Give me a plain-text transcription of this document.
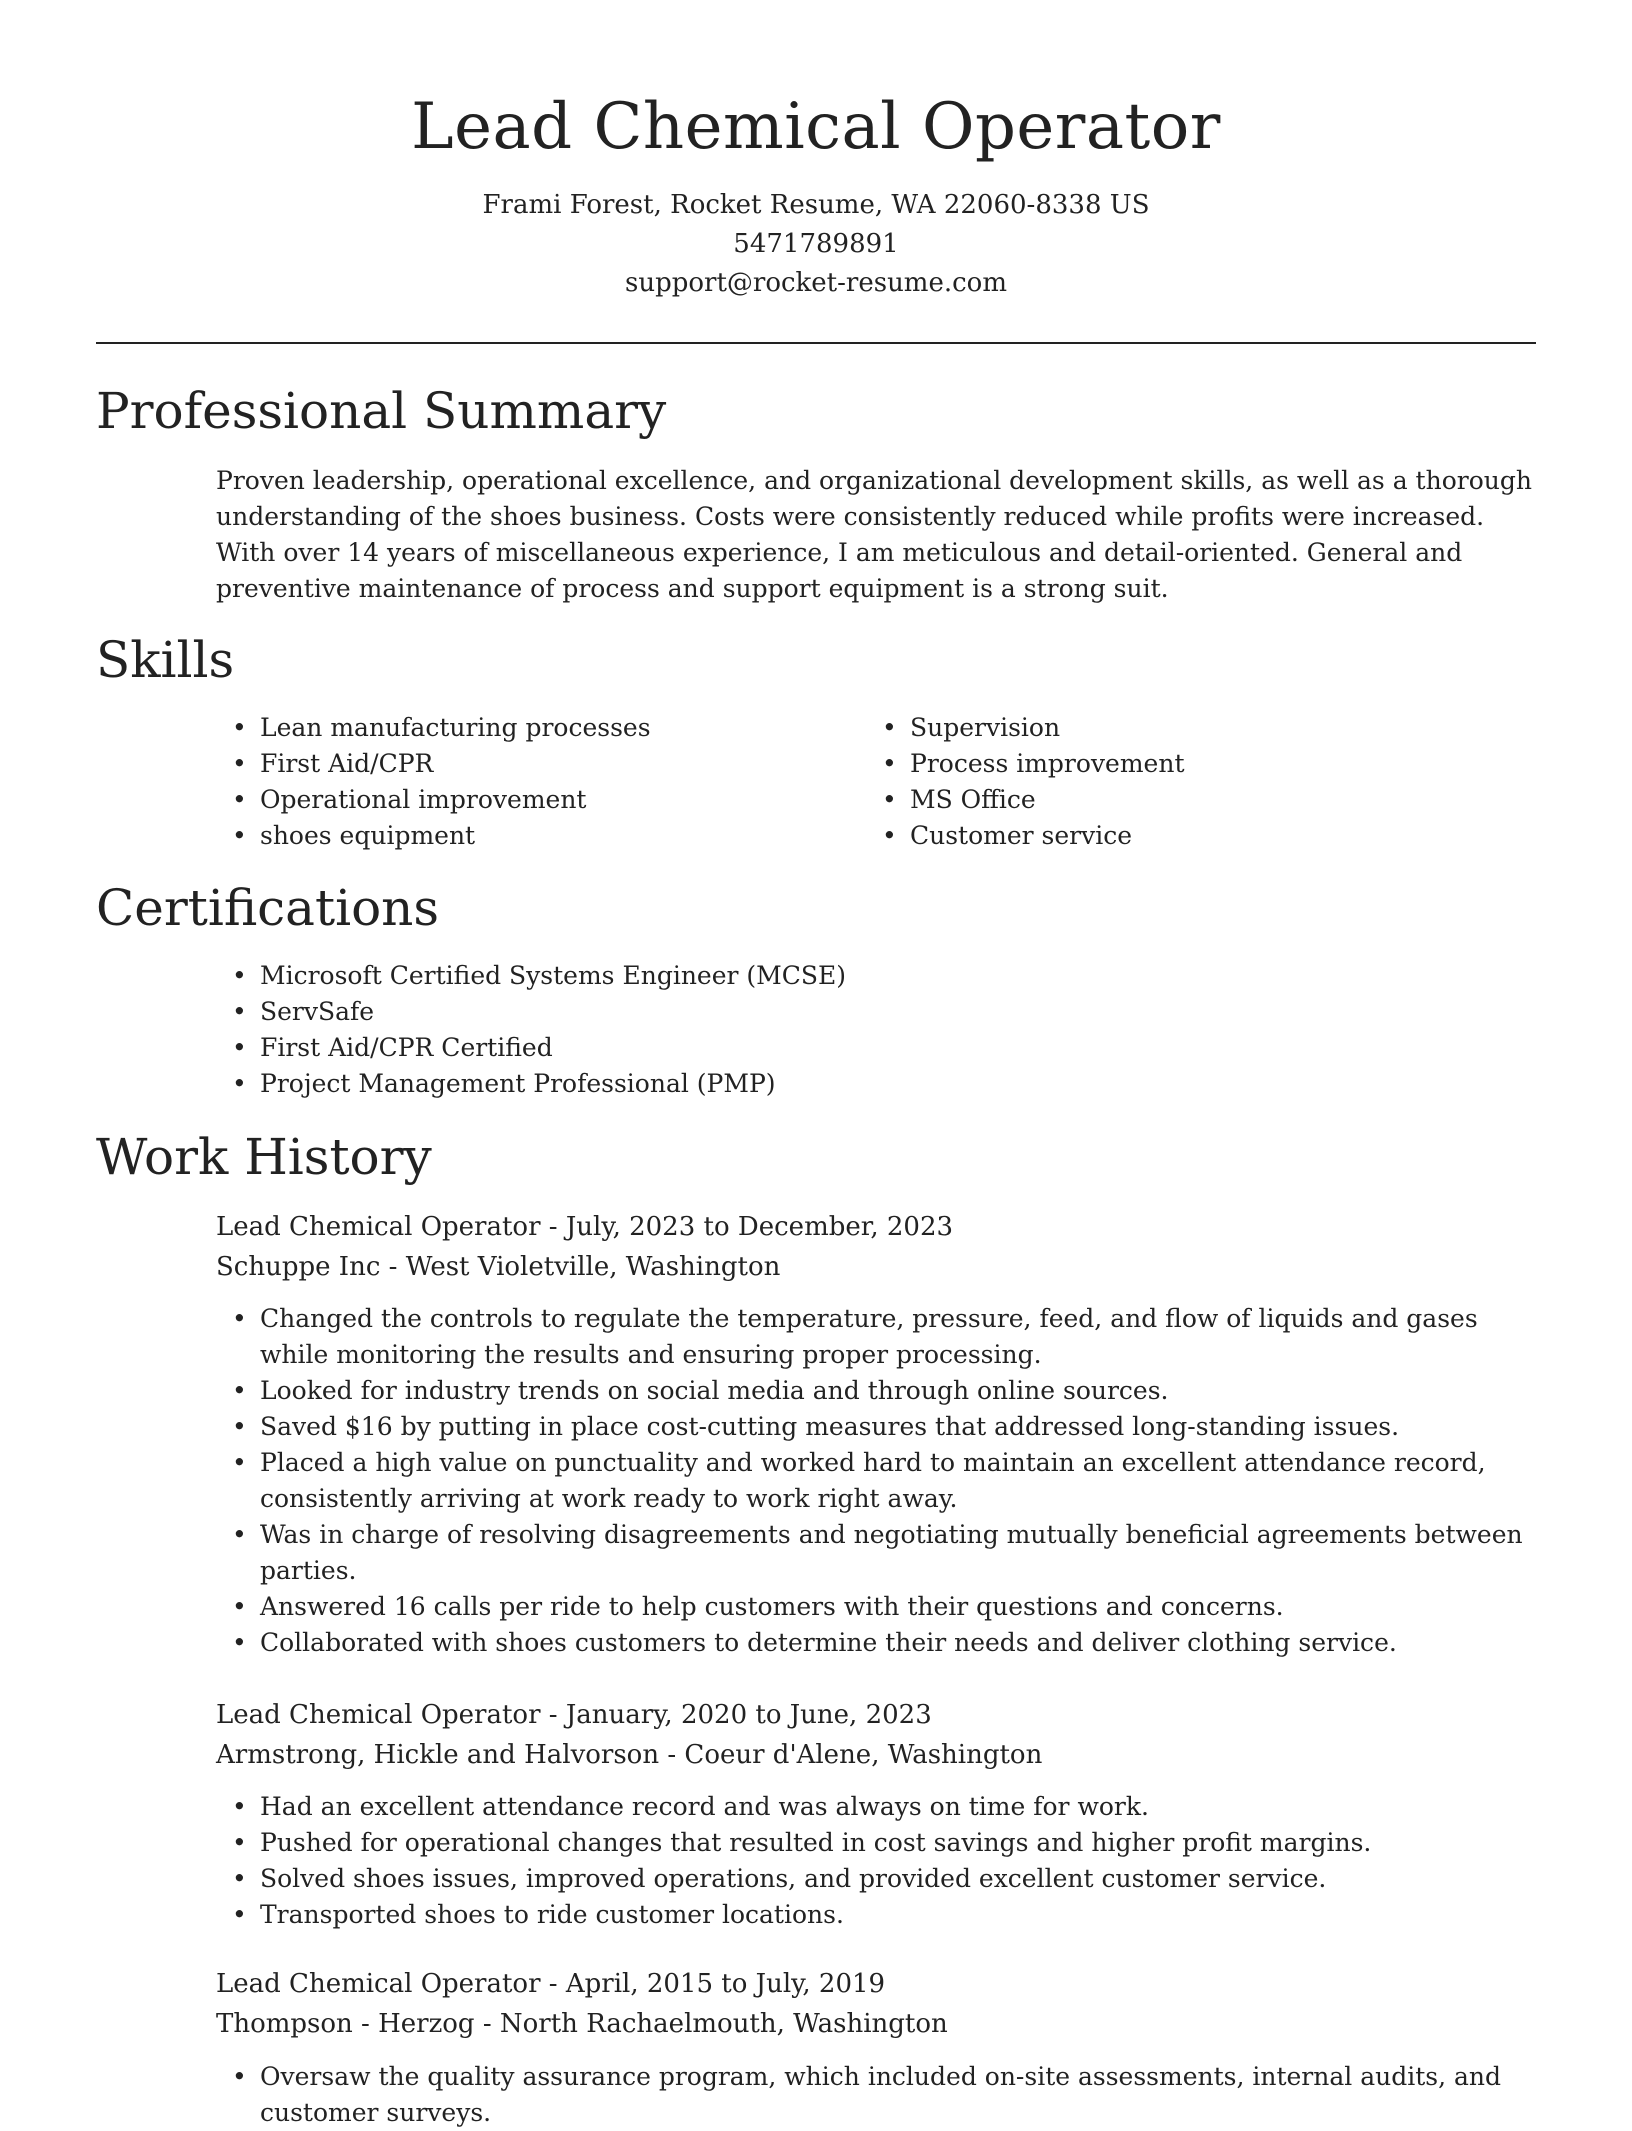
Lead Chemical Operator
Frami Forest, Rocket Resume, WA 22060-8338 US
5471789891
support@rocket-resume.com
Professional Summary

Proven leadership, operational excellence, and organizational development skills, as well as a thorough understanding of the shoes business. Costs were consistently reduced while profits were increased. With over 14 years of miscellaneous experience, I am meticulous and detail-oriented. General and preventive maintenance of process and support equipment is a strong suit.

Skills
• Lean manufacturing processes
• First Aid/CPR
• Operational improvement
• shoes equipment
• Supervision
• Process improvement
• MS Office
• Customer service
Certifications
• Microsoft Certified Systems Engineer (MCSE)
• ServSafe
• First Aid/CPR Certified
• Project Management Professional (PMP)
Work History
Lead Chemical Operator - July, 2023 to December, 2023
Schuppe Inc - West Violetville, Washington
• Changed the controls to regulate the temperature, pressure, feed, and flow of liquids and gases while monitoring the results and ensuring proper processing.
• Looked for industry trends on social media and through online sources.
• Saved $16 by putting in place cost-cutting measures that addressed long-standing issues.
• Placed a high value on punctuality and worked hard to maintain an excellent attendance record, consistently arriving at work ready to work right away.
• Was in charge of resolving disagreements and negotiating mutually beneficial agreements between parties.
• Answered 16 calls per ride to help customers with their questions and concerns.
• Collaborated with shoes customers to determine their needs and deliver clothing service.
Lead Chemical Operator - January, 2020 to June, 2023
Armstrong, Hickle and Halvorson - Coeur d'Alene, Washington
• Had an excellent attendance record and was always on time for work.
• Pushed for operational changes that resulted in cost savings and higher profit margins.
• Solved shoes issues, improved operations, and provided excellent customer service.
• Transported shoes to ride customer locations.
Lead Chemical Operator - April, 2015 to July, 2019
Thompson - Herzog - North Rachaelmouth, Washington
• Oversaw the quality assurance program, which included on-site assessments, internal audits, and customer surveys.
